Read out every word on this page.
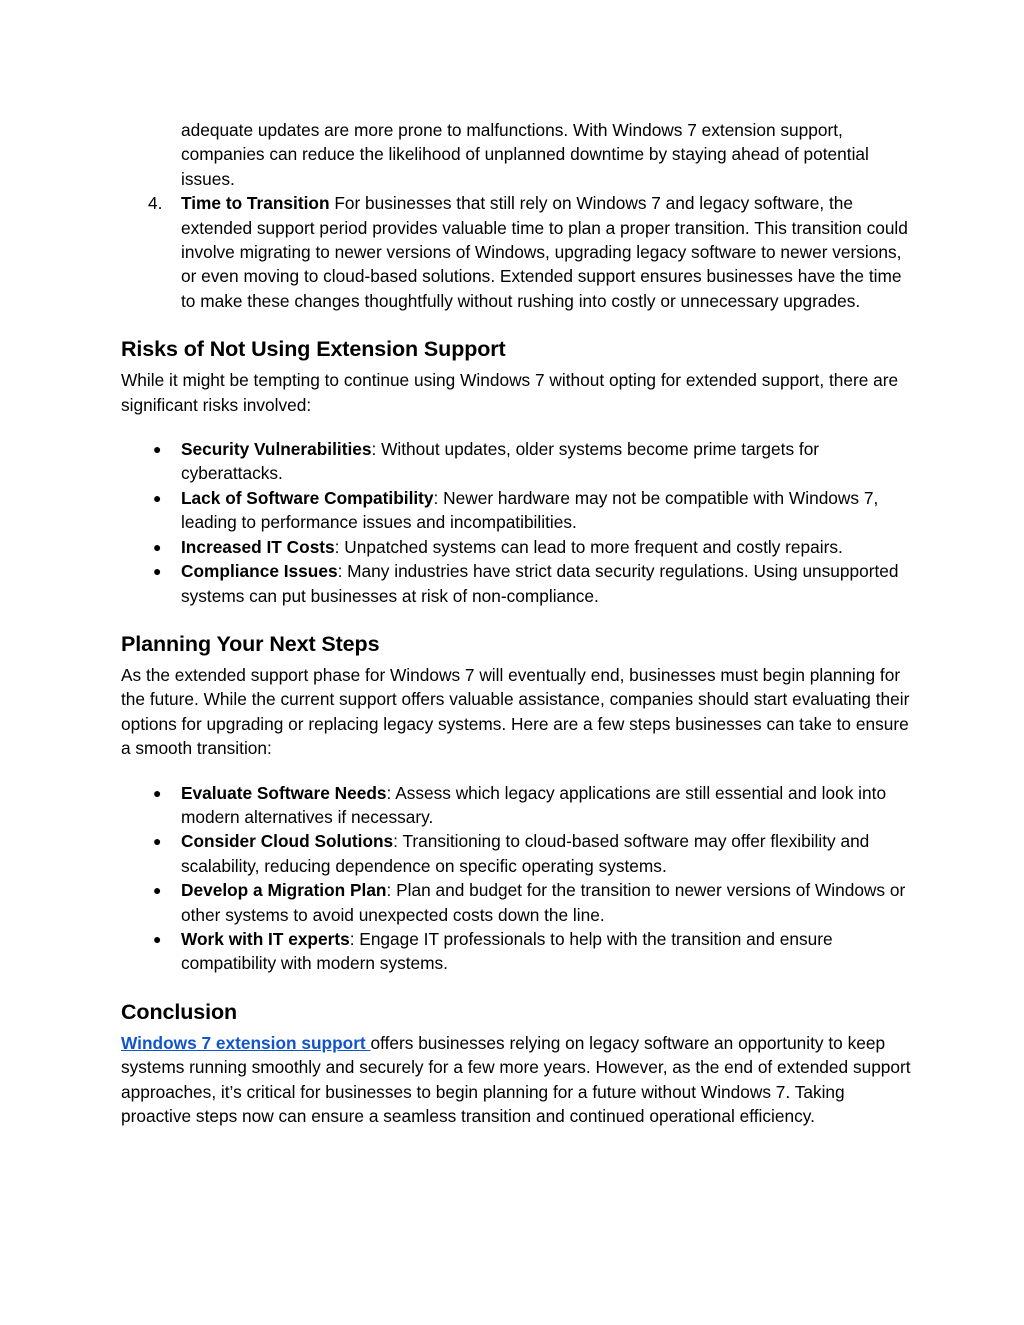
adequate updates are more prone to malfunctions. With Windows 7 extension support, companies can reduce the likelihood of unplanned downtime by staying ahead of potential issues.

4.	Time to Transition For businesses that still rely on Windows 7 and legacy software, the extended support period provides valuable time to plan a proper transition. This transition could involve migrating to newer versions of Windows, upgrading legacy software to newer versions, or even moving to cloud-based solutions. Extended support ensures businesses have the time to make these changes thoughtfully without rushing into costly or unnecessary upgrades.

Risks of Not Using Extension Support

While it might be tempting to continue using Windows 7 without opting for extended support, there are significant risks involved:

●	Security Vulnerabilities: Without updates, older systems become prime targets for cyberattacks.

●	Lack of Software Compatibility: Newer hardware may not be compatible with Windows 7, leading to performance issues and incompatibilities.

●	Increased IT Costs: Unpatched systems can lead to more frequent and costly repairs.

●	Compliance Issues: Many industries have strict data security regulations. Using unsupported systems can put businesses at risk of non-compliance.

Planning Your Next Steps

As the extended support phase for Windows 7 will eventually end, businesses must begin planning for the future. While the current support offers valuable assistance, companies should start evaluating their options for upgrading or replacing legacy systems. Here are a few steps businesses can take to ensure a smooth transition:

●	Evaluate Software Needs: Assess which legacy applications are still essential and look into modern alternatives if necessary.

●	Consider Cloud Solutions: Transitioning to cloud-based software may offer flexibility and scalability, reducing dependence on specific operating systems.

●	Develop a Migration Plan: Plan and budget for the transition to newer versions of Windows or other systems to avoid unexpected costs down the line.

●	Work with IT experts: Engage IT professionals to help with the transition and ensure compatibility with modern systems.

Conclusion

Windows 7 extension support offers businesses relying on legacy software an opportunity to keep systems running smoothly and securely for a few more years. However, as the end of extended support approaches, it’s critical for businesses to begin planning for a future without Windows 7. Taking proactive steps now can ensure a seamless transition and continued operational efficiency.
